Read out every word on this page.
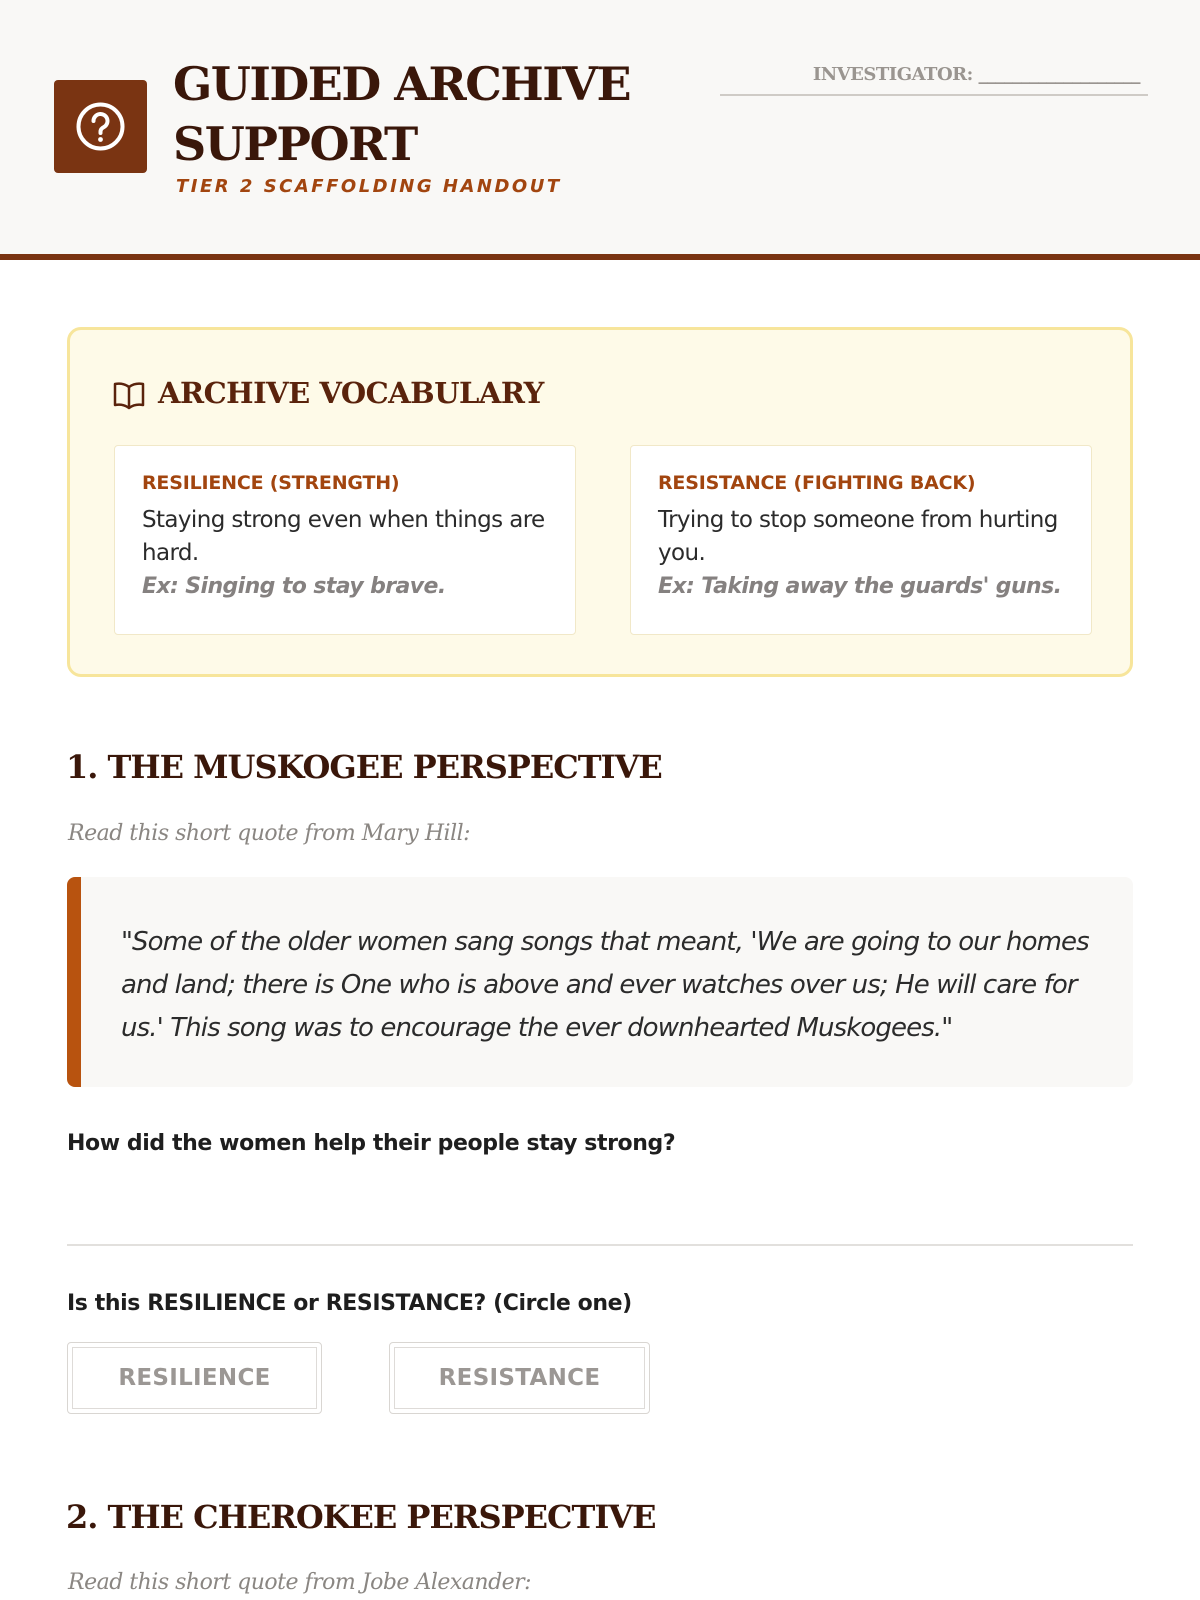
GUIDED ARCHIVE SUPPORT
TIER 2 SCAFFOLDING HANDOUT
INVESTIGATOR: ___________________
ARCHIVE VOCABULARY
RESILIENCE (STRENGTH)
Staying strong even when things are hard.
Ex: Singing to stay brave.
RESISTANCE (FIGHTING BACK)
Trying to stop someone from hurting you.
Ex: Taking away the guards' guns.
1. THE MUSKOGEE PERSPECTIVE
Read this short quote from Mary Hill:
"Some of the older women sang songs that meant, 'We are going to our homes and land; there is One who is above and ever watches over us; He will care for us.' This song was to encourage the ever downhearted Muskogees."
How did the women help their people stay strong?
Is this RESILIENCE or RESISTANCE? (Circle one)
RESILIENCE	RESISTANCE
2. THE CHEROKEE PERSPECTIVE
Read this short quote from Jobe Alexander:
